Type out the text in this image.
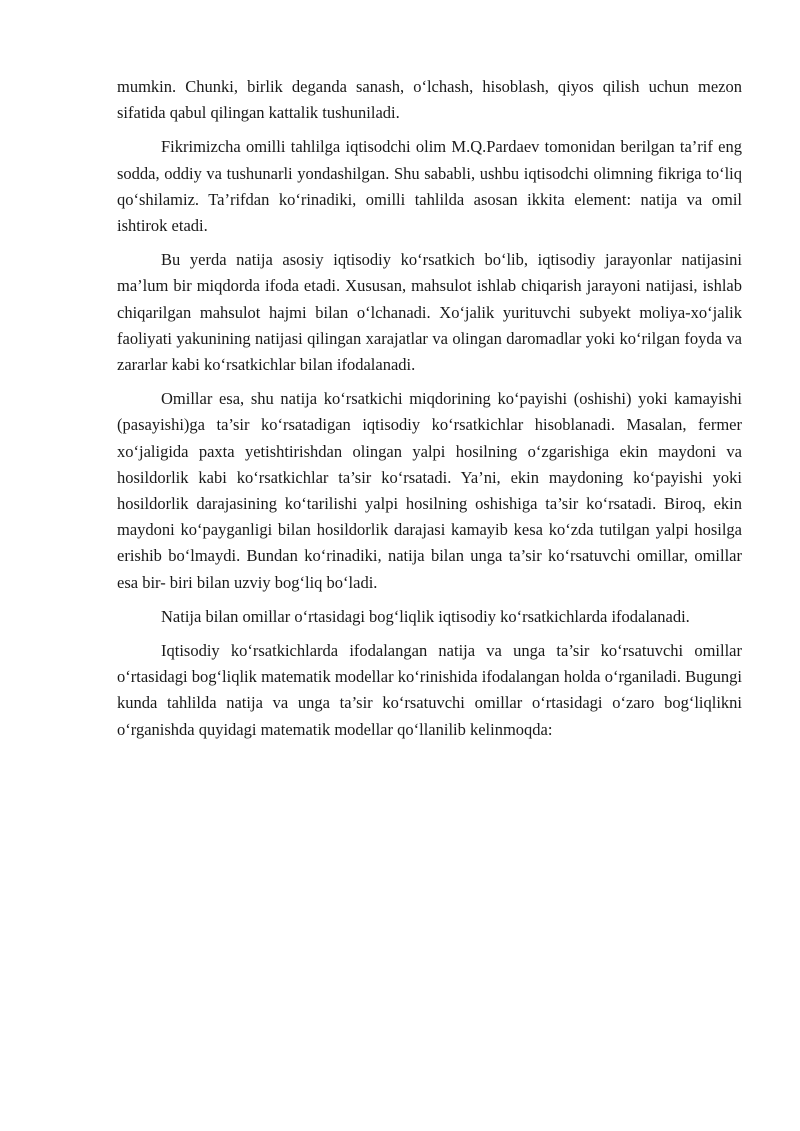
mumkin. Chunki, birlik deganda sanash, o‘lchash, hisoblash, qiyos qilish uchun mezon sifatida qabul qilingan kattalik tushuniladi.

Fikrimizcha omilli tahlilga iqtisodchi olim M.Q.Pardaev tomonidan berilgan ta’rif eng sodda, oddiy va tushunarli yondashilgan. Shu sababli, ushbu iqtisodchi olimning fikriga to‘liq qo‘shilamiz. Ta’rifdan ko‘rinadiki, omilli tahlilda asosan ikkita element: natija va omil ishtirok etadi.

Bu yerda natija asosiy iqtisodiy ko‘rsatkich bo‘lib, iqtisodiy jarayonlar natijasini ma’lum bir miqdorda ifoda etadi. Xususan, mahsulot ishlab chiqarish jarayoni natijasi, ishlab chiqarilgan mahsulot hajmi bilan o‘lchanadi. Xo‘jalik yurituvchi subyekt moliya-xo‘jalik faoliyati yakunining natijasi qilingan xarajatlar va olingan daromadlar yoki ko‘rilgan foyda va zararlar kabi ko‘rsatkichlar bilan ifodalanadi.

Omillar esa, shu natija ko‘rsatkichi miqdorining ko‘payishi (oshishi) yoki kamayishi (pasayishi)ga ta’sir ko‘rsatadigan iqtisodiy ko‘rsatkichlar hisoblanadi. Masalan, fermer xo‘jaligida paxta yetishtirishdan olingan yalpi hosilning o‘zgarishiga ekin maydoni va hosildorlik kabi ko‘rsatkichlar ta’sir ko‘rsatadi. Ya’ni, ekin maydoning ko‘payishi yoki hosildorlik darajasining ko‘tarilishi yalpi hosilning oshishiga ta’sir ko‘rsatadi. Biroq, ekin maydoni ko‘payganligi bilan hosildorlik darajasi kamayib kesa ko‘zda tutilgan yalpi hosilga erishib bo‘lmaydi. Bundan ko‘rinadiki, natija bilan unga ta’sir ko‘rsatuvchi omillar, omillar esa bir- biri bilan uzviy bog‘liq bo‘ladi.

Natija bilan omillar o‘rtasidagi bog‘liqlik iqtisodiy ko‘rsatkichlarda ifodalanadi.

Iqtisodiy ko‘rsatkichlarda ifodalangan natija va unga ta’sir ko‘rsatuvchi omillar o‘rtasidagi bog‘liqlik matematik modellar ko‘rinishida ifodalangan holda o‘rganiladi. Bugungi kunda tahlilda natija va unga ta’sir ko‘rsatuvchi omillar o‘rtasidagi o‘zaro bog‘liqlikni o‘rganishda quyidagi matematik modellar qo‘llanilib kelinmoqda:
